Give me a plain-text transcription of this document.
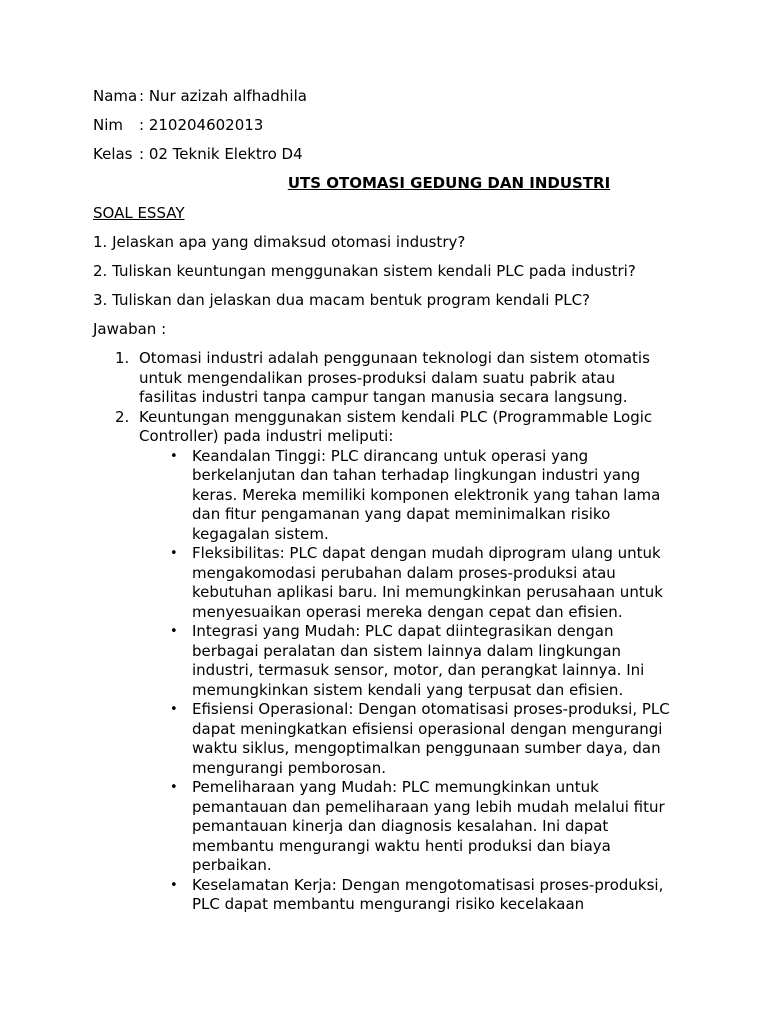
Nama : Nur azizah alfhadhila
Nim : 210204602013
Kelas : 02 Teknik Elektro D4
UTS OTOMASI GEDUNG DAN INDUSTRI
SOAL ESSAY
1. Jelaskan apa yang dimaksud otomasi industry?
2. Tuliskan keuntungan menggunakan sistem kendali PLC pada industri?
3. Tuliskan dan jelaskan dua macam bentuk program kendali PLC?
Jawaban :
1. Otomasi industri adalah penggunaan teknologi dan sistem otomatis untuk mengendalikan proses-produksi dalam suatu pabrik atau fasilitas industri tanpa campur tangan manusia secara langsung.
2. Keuntungan menggunakan sistem kendali PLC (Programmable Logic Controller) pada industri meliputi:
• Keandalan Tinggi: PLC dirancang untuk operasi yang berkelanjutan dan tahan terhadap lingkungan industri yang keras. Mereka memiliki komponen elektronik yang tahan lama dan fitur pengamanan yang dapat meminimalkan risiko kegagalan sistem.
• Fleksibilitas: PLC dapat dengan mudah diprogram ulang untuk mengakomodasi perubahan dalam proses-produksi atau kebutuhan aplikasi baru. Ini memungkinkan perusahaan untuk menyesuaikan operasi mereka dengan cepat dan efisien.
• Integrasi yang Mudah: PLC dapat diintegrasikan dengan berbagai peralatan dan sistem lainnya dalam lingkungan industri, termasuk sensor, motor, dan perangkat lainnya. Ini memungkinkan sistem kendali yang terpusat dan efisien.
• Efisiensi Operasional: Dengan otomatisasi proses-produksi, PLC dapat meningkatkan efisiensi operasional dengan mengurangi waktu siklus, mengoptimalkan penggunaan sumber daya, dan mengurangi pemborosan.
• Pemeliharaan yang Mudah: PLC memungkinkan untuk pemantauan dan pemeliharaan yang lebih mudah melalui fitur pemantauan kinerja dan diagnosis kesalahan. Ini dapat membantu mengurangi waktu henti produksi dan biaya perbaikan.
• Keselamatan Kerja: Dengan mengotomatisasi proses-produksi, PLC dapat membantu mengurangi risiko kecelakaan
